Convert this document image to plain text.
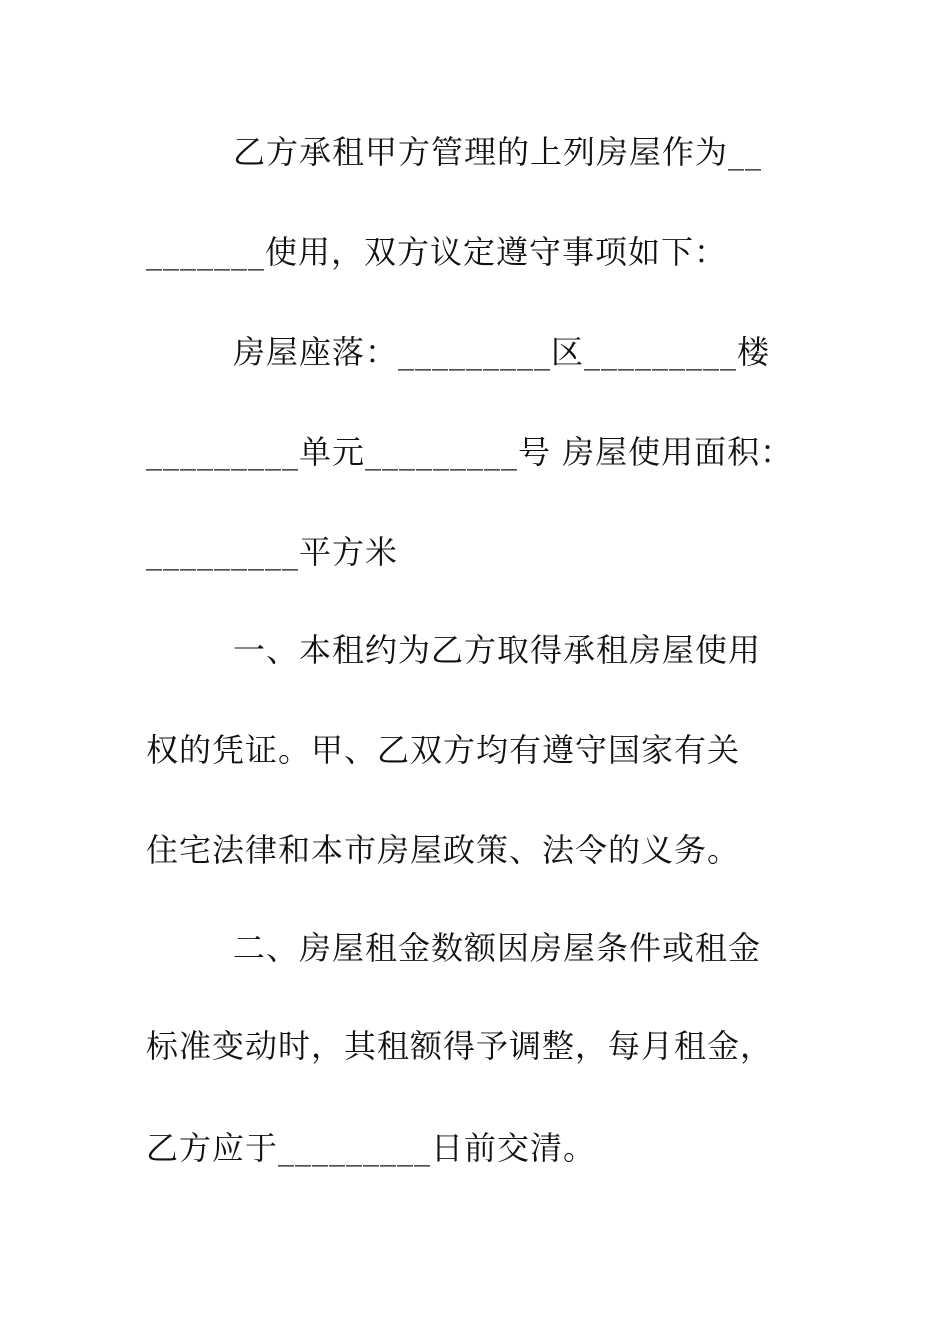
乙方承租甲方管理的上列房屋作为__
_______使用，双方议定遵守事项如下：
房屋座落：_________区_________楼
_________单元_________号 房屋使用面积：
_________平方米
一、本租约为乙方取得承租房屋使用
权的凭证。甲、乙双方均有遵守国家有关
住宅法律和本市房屋政策、法令的义务。
二、房屋租金数额因房屋条件或租金
标准变动时，其租额得予调整，每月租金，
乙方应于_________日前交清。
